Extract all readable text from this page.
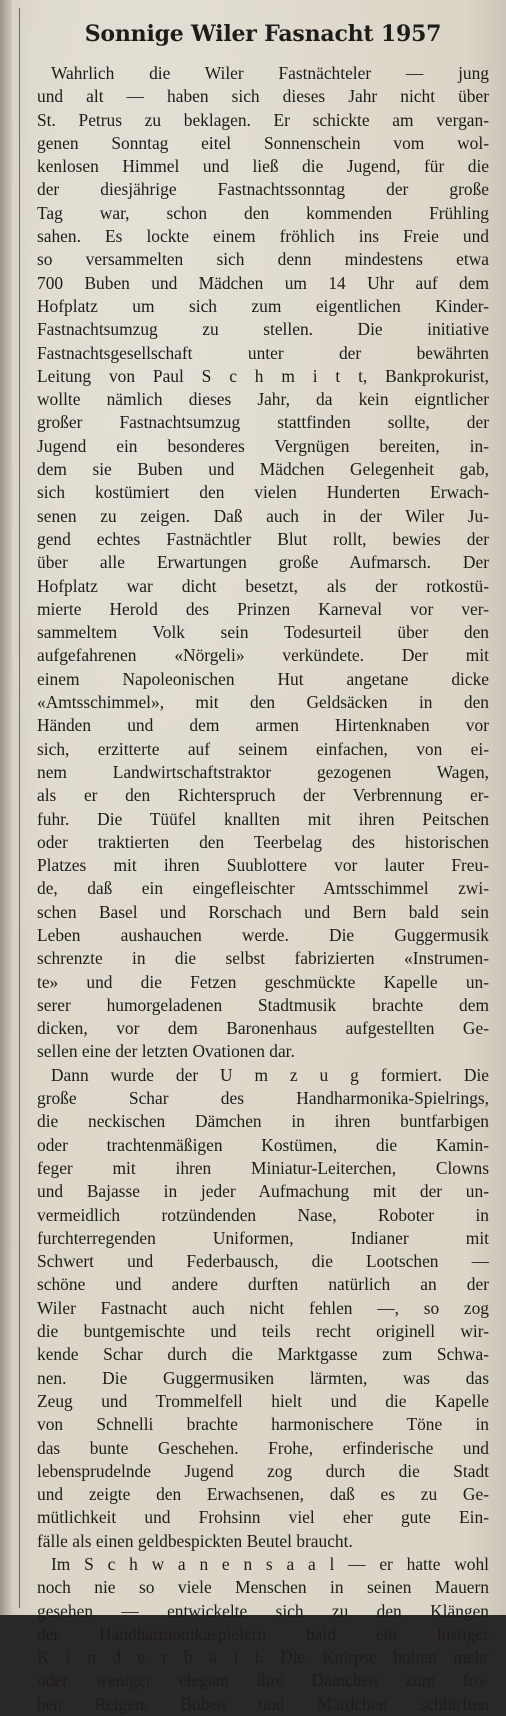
Sonnige Wiler Fasnacht 1957
Wahrlich die Wiler Fastnächteler — jung
und alt — haben sich dieses Jahr nicht über
St. Petrus zu beklagen. Er schickte am vergan-
genen Sonntag eitel Sonnenschein vom wol-
kenlosen Himmel und ließ die Jugend, für die
der diesjährige Fastnachtssonntag der große
Tag war, schon den kommenden Frühling
sahen. Es lockte einem fröhlich ins Freie und
so versammelten sich denn mindestens etwa
700 Buben und Mädchen um 14 Uhr auf dem
Hofplatz um sich zum eigentlichen Kinder-
Fastnachtsumzug zu stellen. Die initiative
Fastnachtsgesellschaft unter der bewährten
Leitung von Paul S c h m i t t, Bankprokurist,
wollte nämlich dieses Jahr, da kein eigntlicher
großer Fastnachtsumzug stattfinden sollte, der
Jugend ein besonderes Vergnügen bereiten, in-
dem sie Buben und Mädchen Gelegenheit gab,
sich kostümiert den vielen Hunderten Erwach-
senen zu zeigen. Daß auch in der Wiler Ju-
gend echtes Fastnächtler Blut rollt, bewies der
über alle Erwartungen große Aufmarsch. Der
Hofplatz war dicht besetzt, als der rotkostü-
mierte Herold des Prinzen Karneval vor ver-
sammeltem Volk sein Todesurteil über den
aufgefahrenen «Nörgeli» verkündete. Der mit
einem Napoleonischen Hut angetane dicke
«Amtsschimmel», mit den Geldsäcken in den
Händen und dem armen Hirtenknaben vor
sich, erzitterte auf seinem einfachen, von ei-
nem Landwirtschaftstraktor gezogenen Wagen,
als er den Richterspruch der Verbrennung er-
fuhr. Die Tüüfel knallten mit ihren Peitschen
oder traktierten den Teerbelag des historischen
Platzes mit ihren Suublottere vor lauter Freu-
de, daß ein eingefleischter Amtsschimmel zwi-
schen Basel und Rorschach und Bern bald sein
Leben aushauchen werde. Die Guggermusik
schrenzte in die selbst fabrizierten «Instrumen-
te» und die Fetzen geschmückte Kapelle un-
serer humorgeladenen Stadtmusik brachte dem
dicken, vor dem Baronenhaus aufgestellten Ge-
sellen eine der letzten Ovationen dar.
Dann wurde der U m z u g formiert. Die
große Schar des Handharmonika-Spielrings,
die neckischen Dämchen in ihren buntfarbigen
oder trachtenmäßigen Kostümen, die Kamin-
feger mit ihren Miniatur-Leiterchen, Clowns
und Bajasse in jeder Aufmachung mit der un-
vermeidlich rotzündenden Nase, Roboter in
furchterregenden Uniformen, Indianer mit
Schwert und Federbausch, die Lootschen —
schöne und andere durften natürlich an der
Wiler Fastnacht auch nicht fehlen —, so zog
die buntgemischte und teils recht originell wir-
kende Schar durch die Marktgasse zum Schwa-
nen. Die Guggermusiken lärmten, was das
Zeug und Trommelfell hielt und die Kapelle
von Schnelli brachte harmonischere Töne in
das bunte Geschehen. Frohe, erfinderische und
lebensprudelnde Jugend zog durch die Stadt
und zeigte den Erwachsenen, daß es zu Ge-
mütlichkeit und Frohsinn viel eher gute Ein-
fälle als einen geldbespickten Beutel braucht.
Im S c h w a n e n s a a l — er hatte wohl
noch nie so viele Menschen in seinen Mauern
gesehen — entwickelte sich zu den Klängen
der Handharmonikaspielern bald ein lustiger
K i n d e r b a l l. Die Knirpse holten mehr
oder weniger elegant ihre Dämchen zum fro-
hen Reigen, Buben und Märdchen schlürften
